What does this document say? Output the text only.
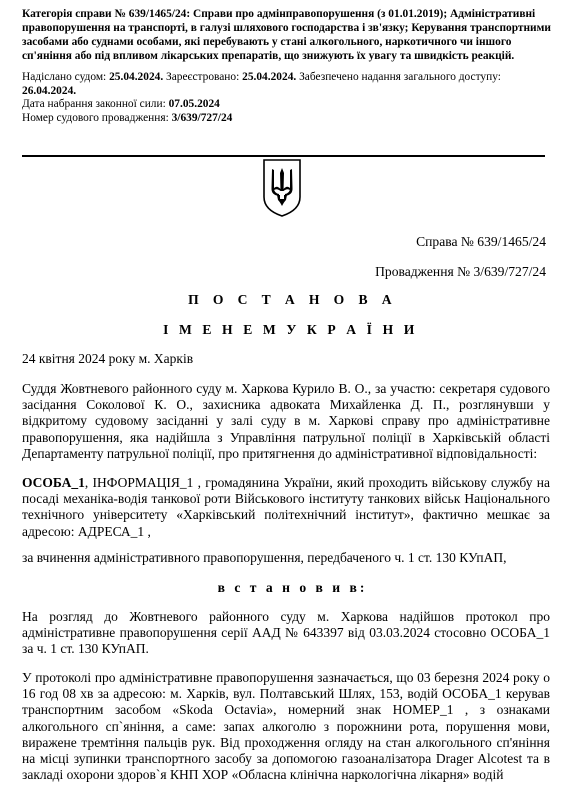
Категорія справи № 639/1465/24: Справи про адмінправопорушення (з 01.01.2019); Адміністративні правопорушення на транспорті, в галузі шляхового господарства і зв'язку; Керування транспортними засобами або суднами особами, які перебувають у стані алкогольного, наркотичного чи іншого сп'яніння або під впливом лікарських препаратів, що знижують їх увагу та швидкість реакцій.

Надіслано судом: 25.04.2024. Зареєстровано: 25.04.2024. Забезпечено надання загального доступу: 26.04.2024.

Дата набрання законної сили: 07.05.2024

Номер судового провадження: 3/639/727/24

Справа № 639/1465/24
Провадження № 3/639/727/24
П О С Т А Н О В А
І М Е Н Е М У К Р А Ї Н И

24 квітня 2024 року м. Харків

Суддя Жовтневого районного суду м. Харкова Курило В. О., за участю: секретаря судового засідання Соколової К. О., захисника адвоката Михайленка Д. П., розглянувши у відкритому судовому засіданні у залі суду в м. Харкові справу про адміністративне правопорушення, яка надійшла з Управління патрульної поліції в Харківській області Департаменту патрульної поліції, про притягнення до адміністративної відповідальності:

ОСОБА_1, ІНФОРМАЦІЯ_1 , громадянина України, який проходить військову службу на посаді механіка-водія танкової роти Військового інституту танкових військ Національного технічного університету «Харківський політехнічний інститут», фактично мешкає за адресою: АДРЕСА_1 ,

за вчинення адміністративного правопорушення, передбаченого ч. 1 ст. 130 КУпАП,

в с т а н о в и в:

На розгляд до Жовтневого районного суду м. Харкова надійшов протокол про адміністративне правопорушення серії ААД № 643397 від 03.03.2024 стосовно ОСОБА_1 за ч. 1 ст. 130 КУпАП.

У протоколі про адміністративне правопорушення зазначається, що 03 березня 2024 року о 16 год 08 хв за адресою: м. Харків, вул. Полтавський Шлях, 153, водій ОСОБА_1 керував транспортним засобом «Skoda Octavia», номерний знак НОМЕР_1 , з ознаками алкогольного сп`яніння, а саме: запах алкоголю з порожнини рота, порушення мови, виражене тремтіння пальців рук. Від проходження огляду на стан алкогольного сп'яніння на місці зупинки транспортного засобу за допомогою газоаналізатора Drager Alcotest та в закладі охорони здоров`я КНП ХОР «Обласна клінічна наркологічна лікарня» водій
